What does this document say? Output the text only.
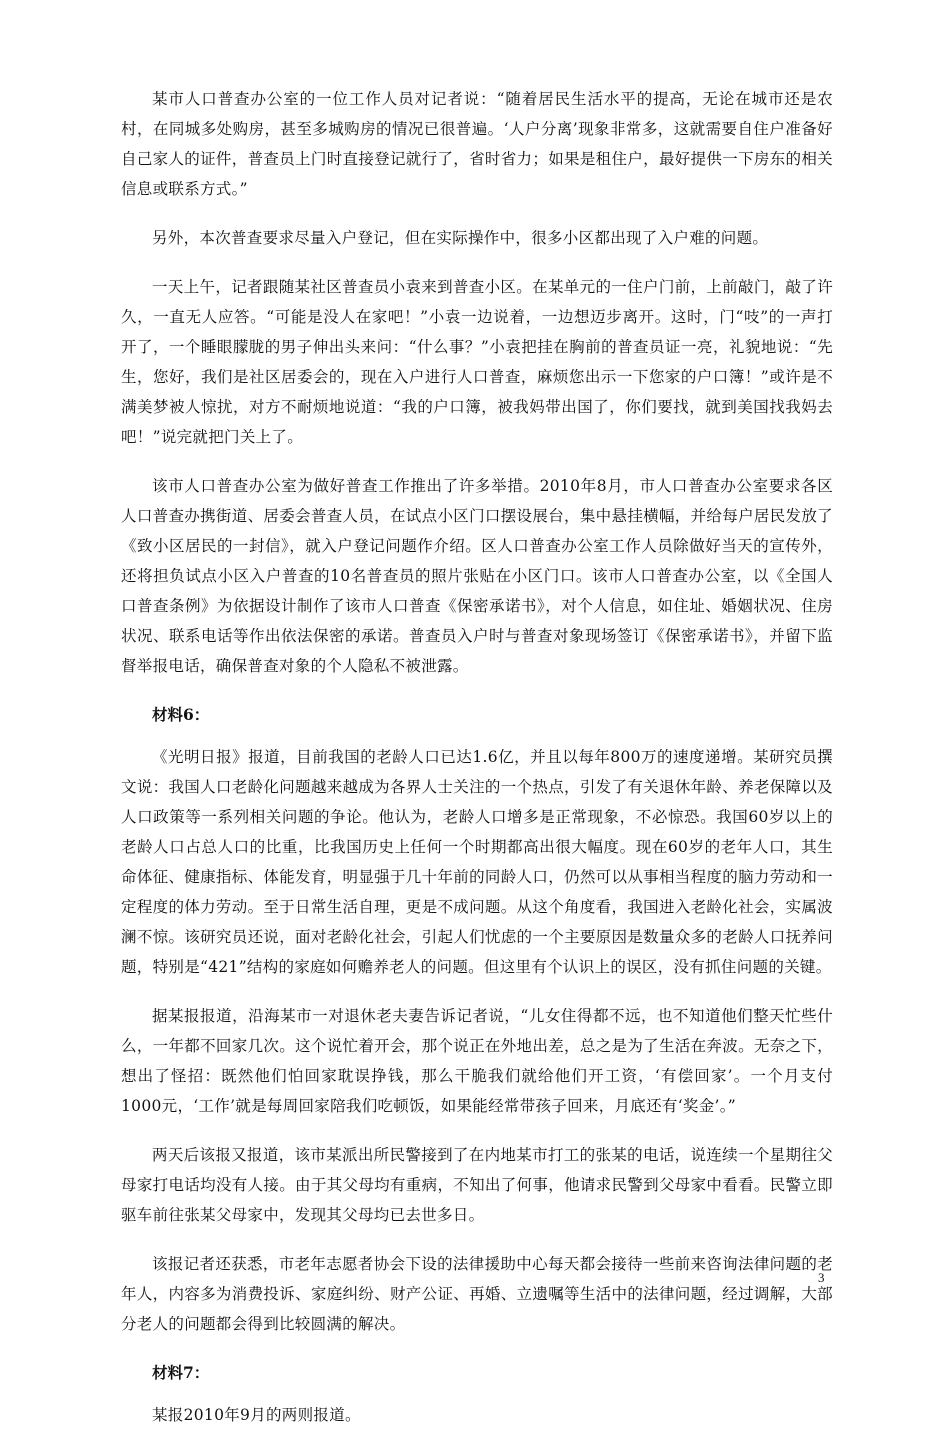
某市人口普查办公室的一位工作人员对记者说：“随着居民生活水平的提高，无论在城市还是农村，在同城多处购房，甚至多城购房的情况已很普遍。‘人户分离’现象非常多，这就需要自住户准备好自己家人的证件，普查员上门时直接登记就行了，省时省力；如果是租住户，最好提供一下房东的相关信息或联系方式。”

另外，本次普查要求尽量入户登记，但在实际操作中，很多小区都出现了入户难的问题。

一天上午，记者跟随某社区普查员小袁来到普查小区。在某单元的一住户门前，上前敲门，敲了许久，一直无人应答。“可能是没人在家吧！”小袁一边说着，一边想迈步离开。这时，门“吱”的一声打开了，一个睡眼朦胧的男子伸出头来问：“什么事？”小袁把挂在胸前的普查员证一亮，礼貌地说：“先生，您好，我们是社区居委会的，现在入户进行人口普查，麻烦您出示一下您家的户口簿！”或许是不满美梦被人惊扰，对方不耐烦地说道：“我的户口簿，被我妈带出国了，你们要找，就到美国找我妈去吧！”说完就把门关上了。

该市人口普查办公室为做好普查工作推出了许多举措。2010年8月，市人口普查办公室要求各区人口普查办携街道、居委会普查人员，在试点小区门口摆设展台，集中悬挂横幅，并给每户居民发放了《致小区居民的一封信》，就入户登记问题作介绍。区人口普查办公室工作人员除做好当天的宣传外，还将担负试点小区入户普查的10名普查员的照片张贴在小区门口。该市人口普查办公室，以《全国人口普查条例》为依据设计制作了该市人口普查《保密承诺书》，对个人信息，如住址、婚姻状况、住房状况、联系电话等作出依法保密的承诺。普查员入户时与普查对象现场签订《保密承诺书》，并留下监督举报电话，确保普查对象的个人隐私不被泄露。

材料6：

《光明日报》报道，目前我国的老龄人口已达1.6亿，并且以每年800万的速度递增。某研究员撰文说：我国人口老龄化问题越来越成为各界人士关注的一个热点，引发了有关退休年龄、养老保障以及人口政策等一系列相关问题的争论。他认为，老龄人口增多是正常现象，不必惊恐。我国60岁以上的老龄人口占总人口的比重，比我国历史上任何一个时期都高出很大幅度。现在60岁的老年人口，其生命体征、健康指标、体能发育，明显强于几十年前的同龄人口，仍然可以从事相当程度的脑力劳动和一定程度的体力劳动。至于日常生活自理，更是不成问题。从这个角度看，我国进入老龄化社会，实属波澜不惊。该研究员还说，面对老龄化社会，引起人们忧虑的一个主要原因是数量众多的老龄人口抚养问题，特别是“421”结构的家庭如何赡养老人的问题。但这里有个认识上的误区，没有抓住问题的关键。

据某报报道，沿海某市一对退休老夫妻告诉记者说，“儿女住得都不远，也不知道他们整天忙些什么，一年都不回家几次。这个说忙着开会，那个说正在外地出差，总之是为了生活在奔波。无奈之下，想出了怪招：既然他们怕回家耽误挣钱，那么干脆我们就给他们开工资，‘有偿回家’。一个月支付1000元，‘工作’就是每周回家陪我们吃顿饭，如果能经常带孩子回来，月底还有‘奖金’。”

两天后该报又报道，该市某派出所民警接到了在内地某市打工的张某的电话，说连续一个星期往父母家打电话均没有人接。由于其父母均有重病，不知出了何事，他请求民警到父母家中看看。民警立即驱车前往张某父母家中，发现其父母均已去世多日。

该报记者还获悉，市老年志愿者协会下设的法律援助中心每天都会接待一些前来咨询法律问题的老年人，内容多为消费投诉、家庭纠纷、财产公证、再婚、立遗嘱等生活中的法律问题，经过调解，大部分老人的问题都会得到比较圆满的解决。

材料7：

某报2010年9月的两则报道。

3
